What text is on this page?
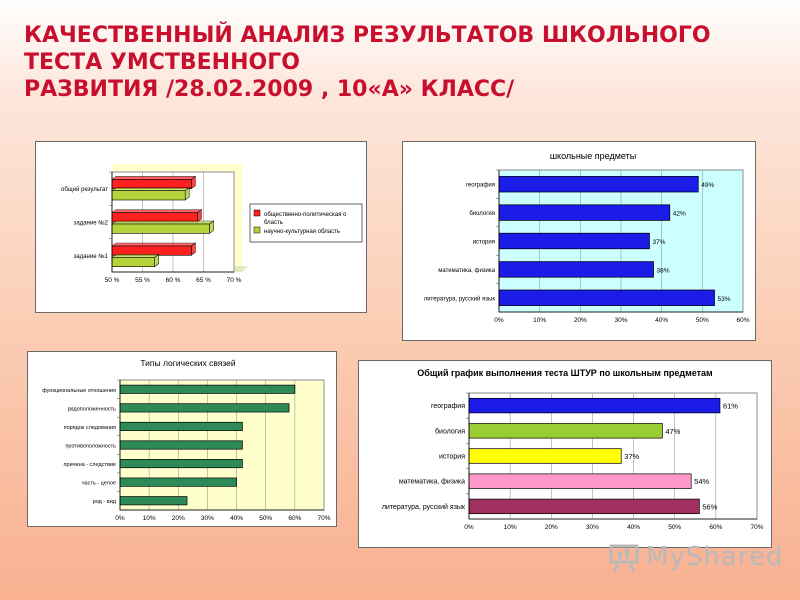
КАЧЕСТВЕННЫЙ АНАЛИЗ РЕЗУЛЬТАТОВ ШКОЛЬНОГО ТЕСТА УМСТВЕННОГО
РАЗВИТИЯ /28.02.2009 , 10«А» КЛАСС/
50 % 55 % 60 % 65 % 70 %
общий результат
задание №2
задание №1
общественно-политическая о
бласть
научно-культурная область
школьные предметы
0%	10%	20%	30%	40%	50%	60%
география	49%
биология	42%
история	37%
математика, физика	38%
литература, русский язык	53%
Типы логических связей
0%	10% 20% 30% 40% 50% 60% 70%
функциональные отношения
рядоположенность
порядок следования
противоположность
причина - следствие
часть - целое
род - вид
Общий график выполнения теста ШТУР по школьным предметам
0%	10%	20%	30%	40%	50%	60%	70%
география	61%
биология	47%
история	37%
математика, физика	54%
литература, русский язык	56%
MyShared
